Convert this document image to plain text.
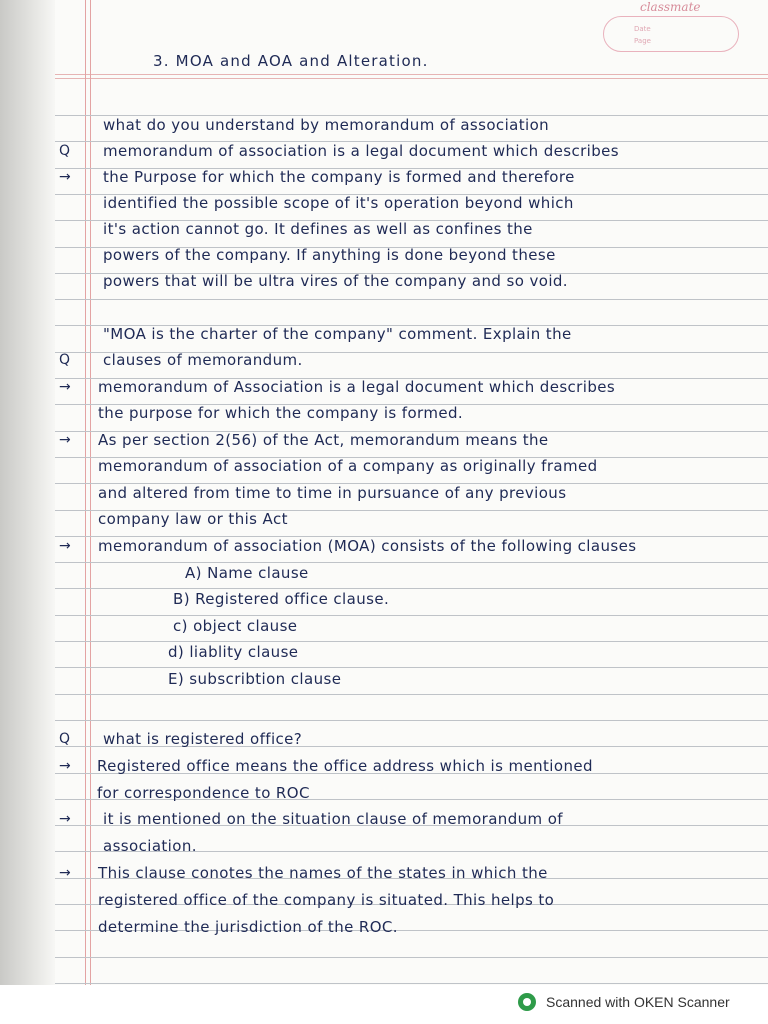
classmate
Date
Page
3. MOA and AOA and Alteration.
what do you understand by memorandum of association
memorandum of association is a legal document which describes
Q
the Purpose for which the company is formed and therefore
→
identified the possible scope of it's operation beyond which
it's action cannot go. It defines as well as confines the
powers of the company. If anything is done beyond these
powers that will be ultra vires of the company and so void.
"MOA is the charter of the company" comment. Explain the
clauses of memorandum.
Q
memorandum of Association is a legal document which describes
→
the purpose for which the company is formed.
As per section 2(56) of the Act, memorandum means the
→
memorandum of association of a company as originally framed
and altered from time to time in pursuance of any previous
company law or this Act
memorandum of association (MOA) consists of the following clauses
→
A) Name clause
B) Registered office clause.
c) object clause
d) liablity clause
E) subscribtion clause
what is registered office?
Q
Registered office means the office address which is mentioned
→
for correspondence to ROC
it is mentioned on the situation clause of memorandum of
→
association.
This clause conotes the names of the states in which the
→
registered office of the company is situated. This helps to
determine the jurisdiction of the ROC.
Scanned with OKEN Scanner
